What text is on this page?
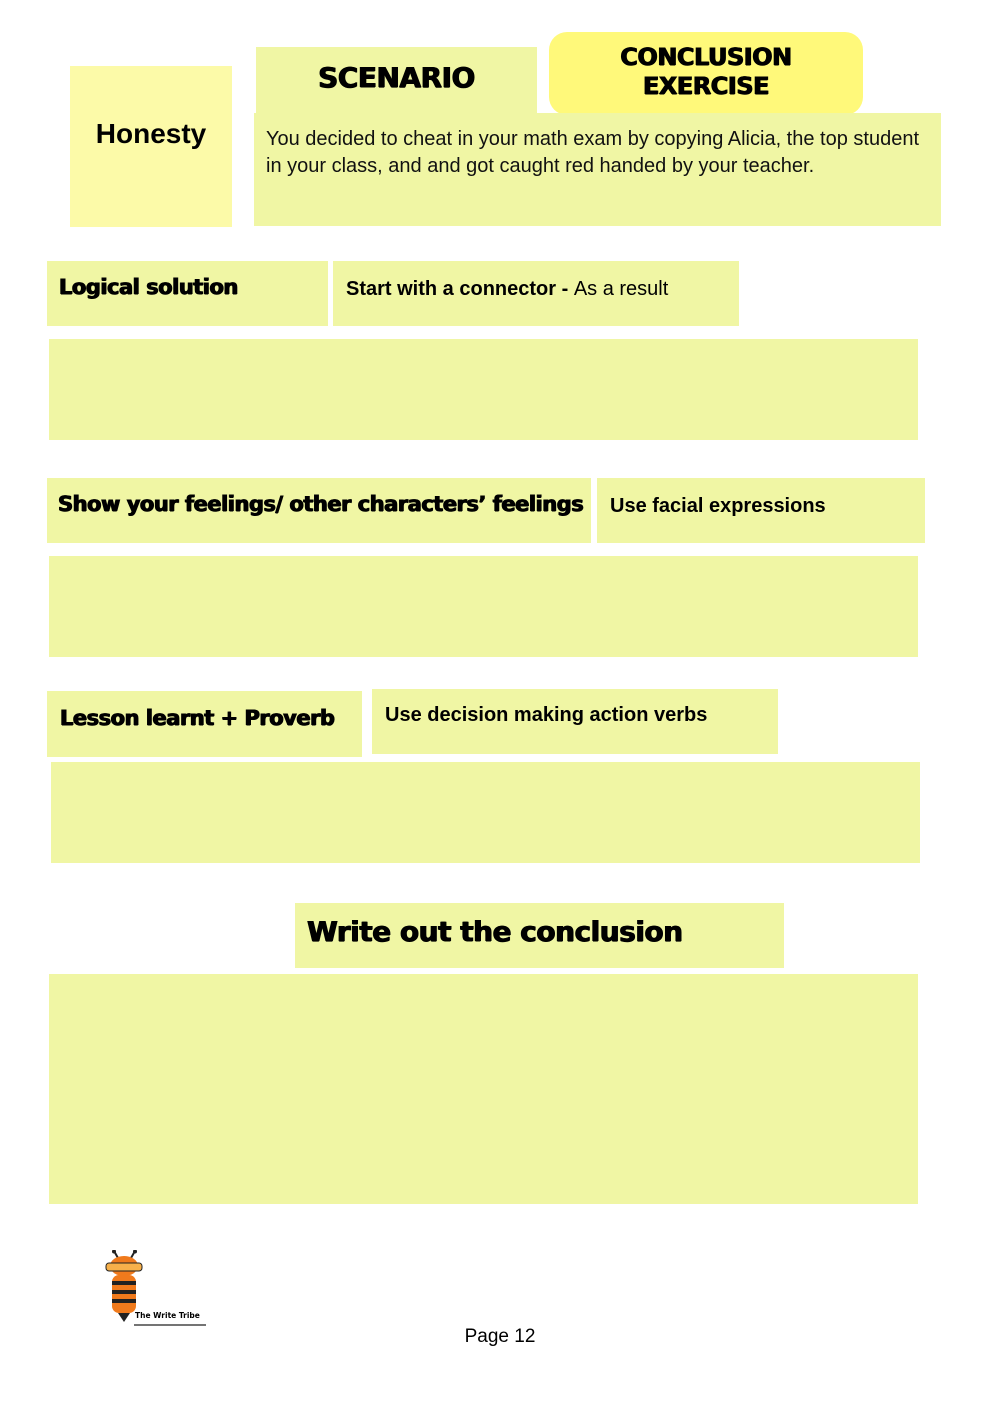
Honesty
SCENARIO
CONCLUSION
EXERCISE
You decided to cheat in your math exam by copying Alicia, the top student in your class, and and got caught red handed by your teacher.
Logical solution	Start with a connector - As a result
Show your feelings/ other characters’ feelings Use facial expressions
Lesson learnt + Proverb	Use decision making action verbs
Write out the conclusion
The Write Tribe
Page 12
